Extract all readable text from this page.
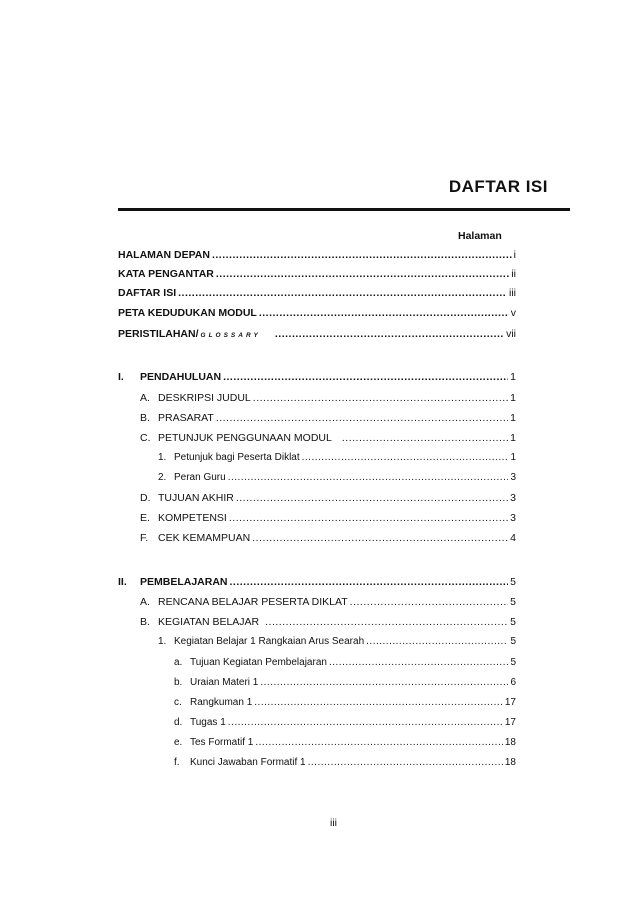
DAFTAR ISI
Halaman
HALAMAN DEPAN .....	i
KATA PENGANTAR .....	ii
DAFTAR ISI .....	iii
PETA KEDUDUKAN MODUL .....	v
PERISTILAHAN/ GLOSSARY .....	vii
I.	PENDAHULUAN .....	1
A. DESKRIPSI JUDUL .....	1
B. PRASARAT .....	1
C. PETUNJUK PENGGUNAAN MODUL .....	1
1. Petunjuk bagi Peserta Diklat .....	1
2. Peran Guru .....	3
D. TUJUAN AKHIR .....	3
E. KOMPETENSI .....	3
F. CEK KEMAMPUAN .....	4
II.	PEMBELAJARAN .....	5
A. RENCANA BELAJAR PESERTA DIKLAT .....	5
B. KEGIATAN BELAJAR .....	5
1. Kegiatan Belajar 1 Rangkaian Arus Searah .....	5
a. Tujuan Kegiatan Pembelajaran .....	5
b. Uraian Materi 1 .....	6
c. Rangkuman 1 .....	17
d. Tugas 1 .....	17
e. Tes Formatif 1 .....	18
f.	Kunci Jawaban Formatif 1 .....	18
iii
